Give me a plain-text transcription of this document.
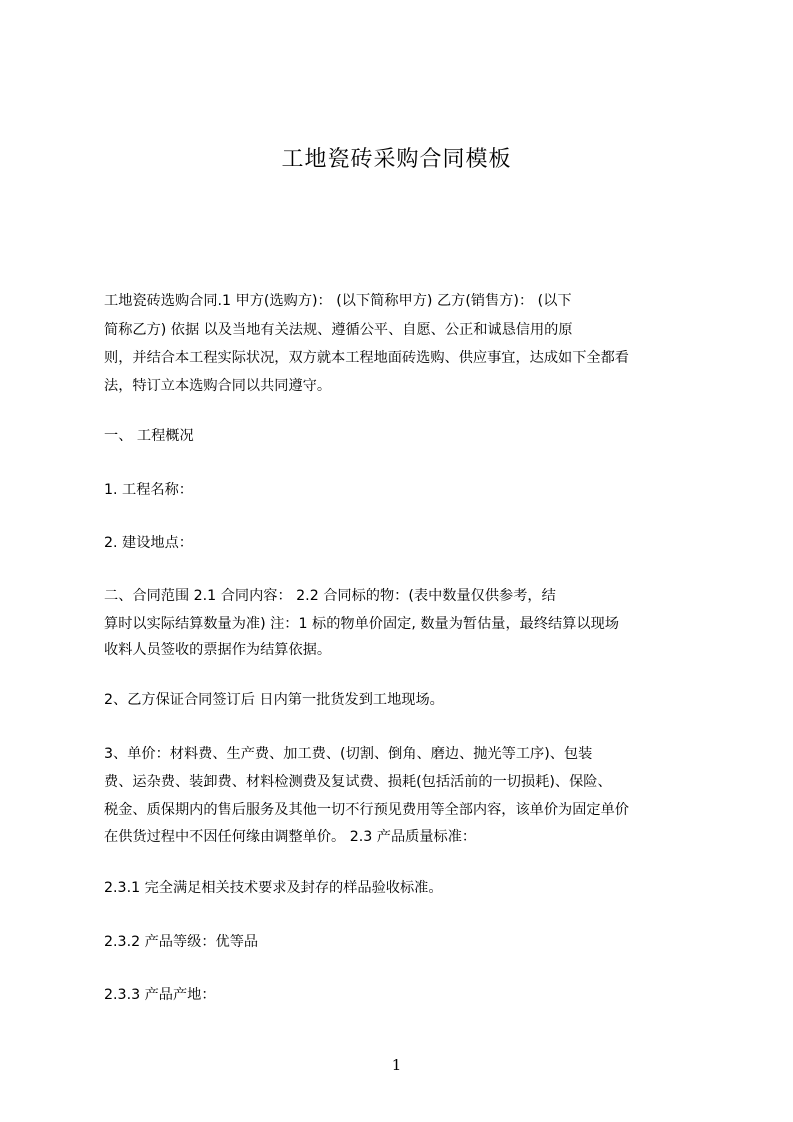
工地瓷砖采购合同模板
工地瓷砖选购合同.1 甲方(选购方)： (以下简称甲方) 乙方(销售方)： (以下
简称乙方) 依据 以及当地有关法规、遵循公平、自愿、公正和诚恳信用的原
则，并结合本工程实际状况，双方就本工程地面砖选购、供应事宜，达成如下全都看
法，特订立本选购合同以共同遵守。
一、 工程概况
1. 工程名称：
2. 建设地点：
二、合同范围 2.1 合同内容： 2.2 合同标的物：(表中数量仅供参考，结
算时以实际结算数量为准) 注：1 标的物单价固定, 数量为暂估量，最终结算以现场
收料人员签收的票据作为结算依据。
2、乙方保证合同签订后 日内第一批货发到工地现场。
3、单价：材料费、生产费、加工费、(切割、倒角、磨边、抛光等工序)、包装
费、运杂费、装卸费、材料检测费及复试费、损耗(包括活前的一切损耗)、保险、
税金、质保期内的售后服务及其他一切不行预见费用等全部内容，该单价为固定单价
在供货过程中不因任何缘由调整单价。 2.3 产品质量标准：
2.3.1 完全满足相关技术要求及封存的样品验收标准。
2.3.2 产品等级：优等品
2.3.3 产品产地：
1
